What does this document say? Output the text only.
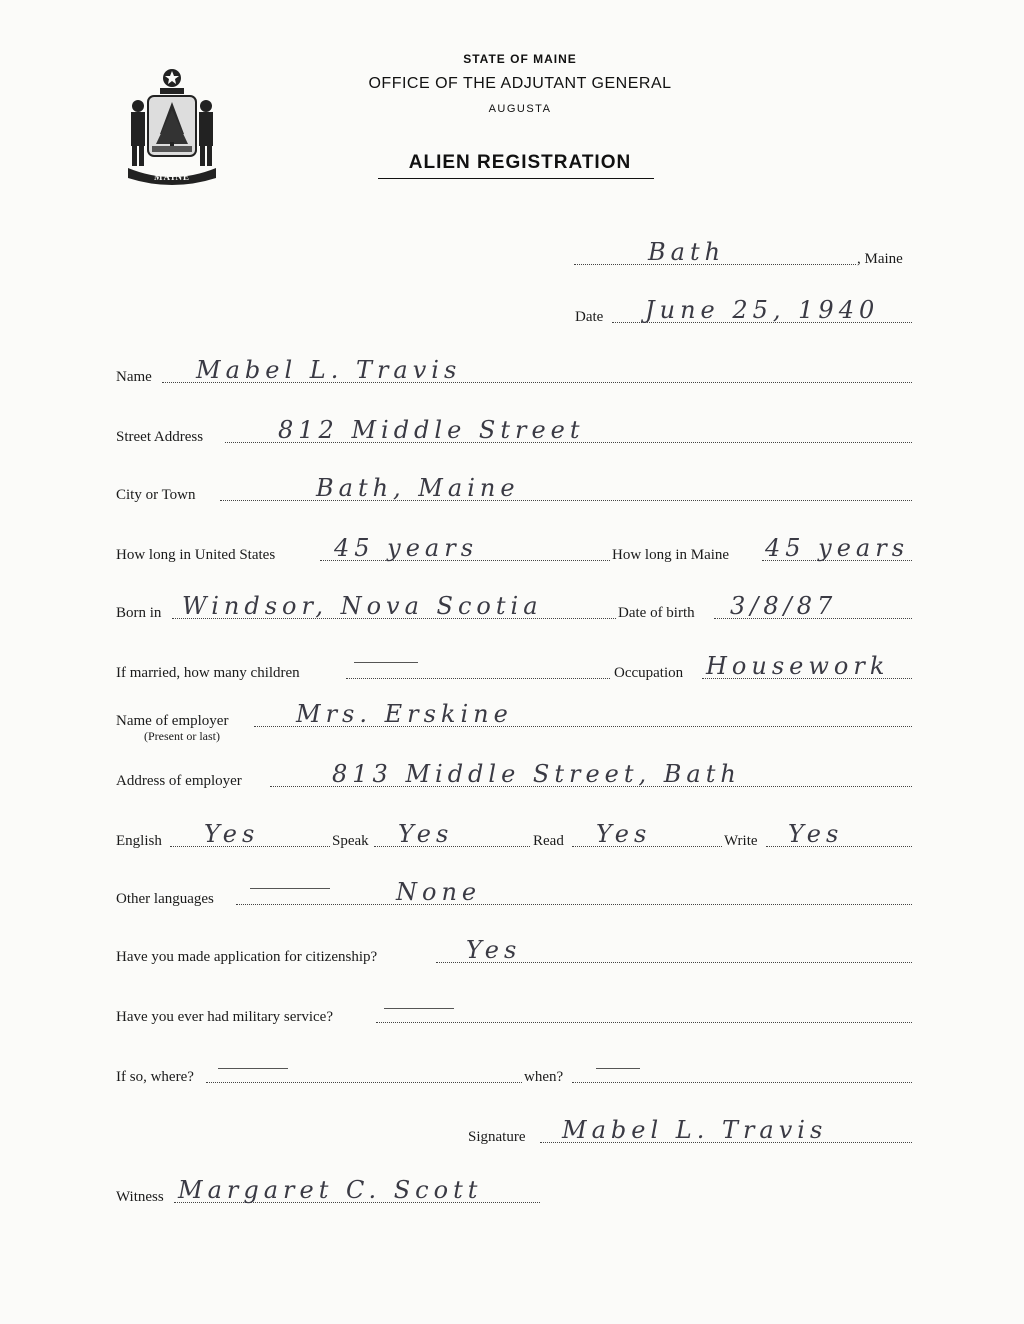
MAINE
STATE OF MAINE
OFFICE OF THE ADJUTANT GENERAL
AUGUSTA
ALIEN REGISTRATION
Bath	, Maine
Date June 25, 1940
Name Mabel L. Travis
Street Address	812 Middle Street
City or Town	Bath, Maine
How long in United States 45 years	How long in Maine 45 years
Born in Windsor, Nova Scotia	Date of birth 3/8/87
If married, how many children	Occupation Housework
Name of employer	Mrs. Erskine
(Present or last)
Address of employer	813 Middle Street, Bath
English Yes	Speak Yes	Read Yes	Write Yes
Other languages	None
Have you made application for citizenship?	Yes
Have you ever had military service?
If so, where?	when?
Signature Mabel L. Travis
Witness Margaret C. Scott
